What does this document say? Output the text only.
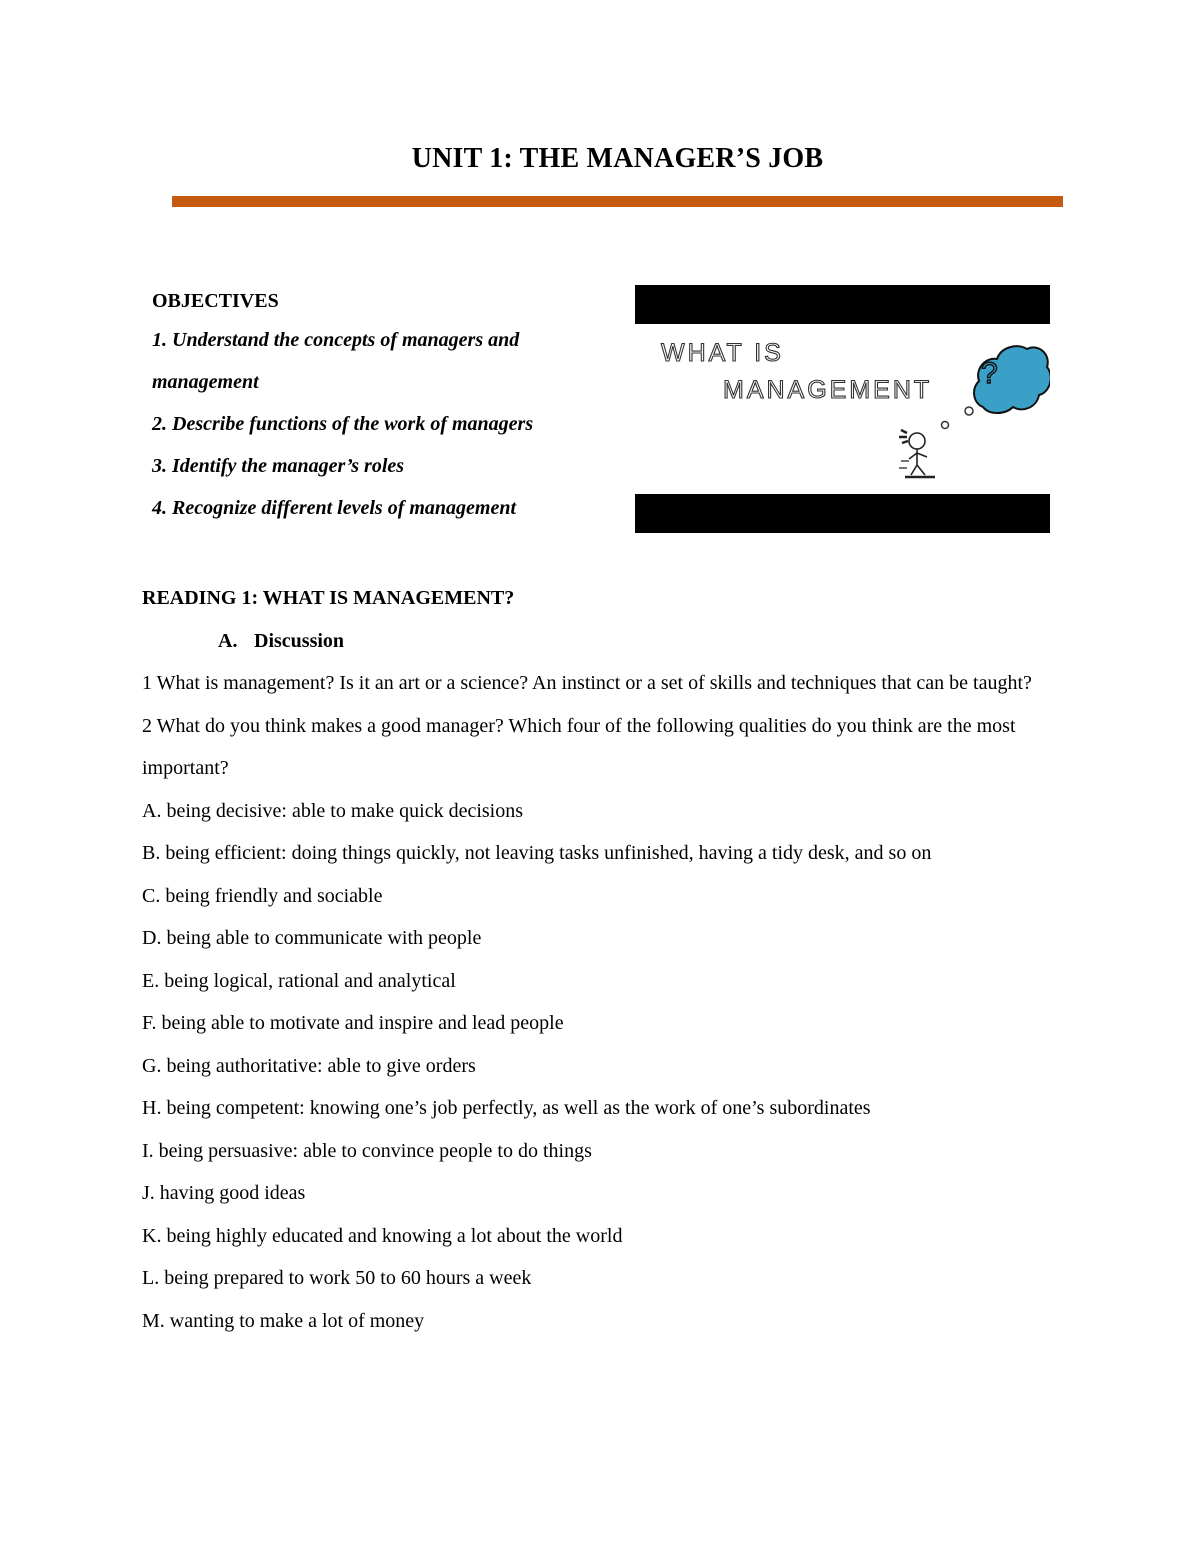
UNIT 1: THE MANAGER’S JOB
OBJECTIVES
1. Understand the concepts of managers and
management
2. Describe functions of the work of managers
3. Identify the manager’s roles
4. Recognize different levels of management
?
WHAT IS
MANAGEMENT
READING 1: WHAT IS MANAGEMENT?
A. Discussion

1 What is management? Is it an art or a science? An instinct or a set of skills and techniques that can be taught?

2 What do you think makes a good manager? Which four of the following qualities do you think are the most important?

A. being decisive: able to make quick decisions

B. being efficient: doing things quickly, not leaving tasks unfinished, having a tidy desk, and so on

C. being friendly and sociable

D. being able to communicate with people

E. being logical, rational and analytical

F. being able to motivate and inspire and lead people

G. being authoritative: able to give orders

H. being competent: knowing one’s job perfectly, as well as the work of one’s subordinates

I. being persuasive: able to convince people to do things

J. having good ideas

K. being highly educated and knowing a lot about the world

L. being prepared to work 50 to 60 hours a week

M. wanting to make a lot of money
